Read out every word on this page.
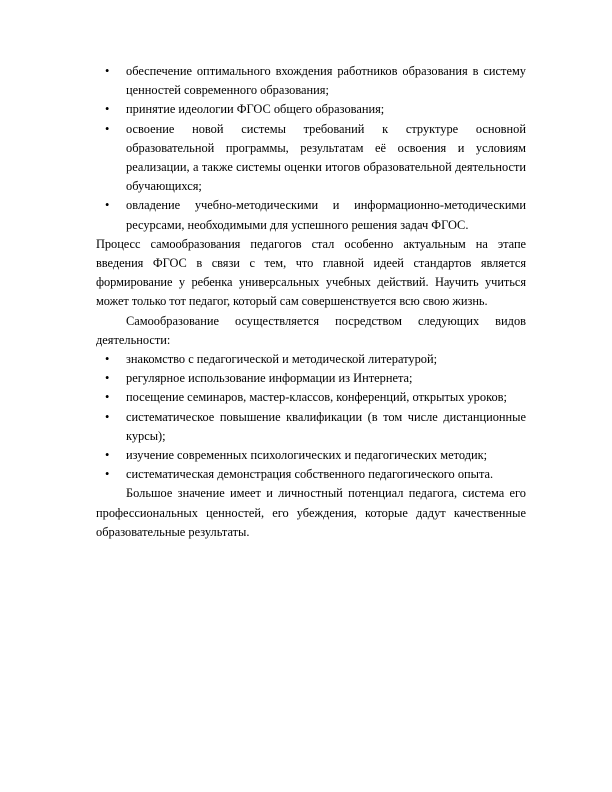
• обеспечение оптимального вхождения работников образования в систему ценностей современного образования;
• принятие идеологии ФГОС общего образования;
• освоение новой системы требований к структуре основной образовательной программы, результатам её освоения и условиям реализации, а также системы оценки итогов образовательной деятельности обучающихся;
• овладение учебно-методическими и информационно-методическими ресурсами, необходимыми для успешного решения задач ФГОС.

Процесс самообразования педагогов стал особенно актуальным на этапе введения ФГОС в связи с тем, что главной идеей стандартов является формирование у ребенка универсальных учебных действий. Научить учиться может только тот педагог, который сам совершенствуется всю свою жизнь.

Самообразование осуществляется посредством следующих видов деятельности:

• знакомство с педагогической и методической литературой;
• регулярное использование информации из Интернета;
• посещение семинаров, мастер-классов, конференций, открытых уроков;
• систематическое повышение квалификации (в том числе дистанционные курсы);
• изучение современных психологических и педагогических методик;
• систематическая демонстрация собственного педагогического опыта.

Большое значение имеет и личностный потенциал педагога, система его профессиональных ценностей, его убеждения, которые дадут качественные образовательные результаты.
